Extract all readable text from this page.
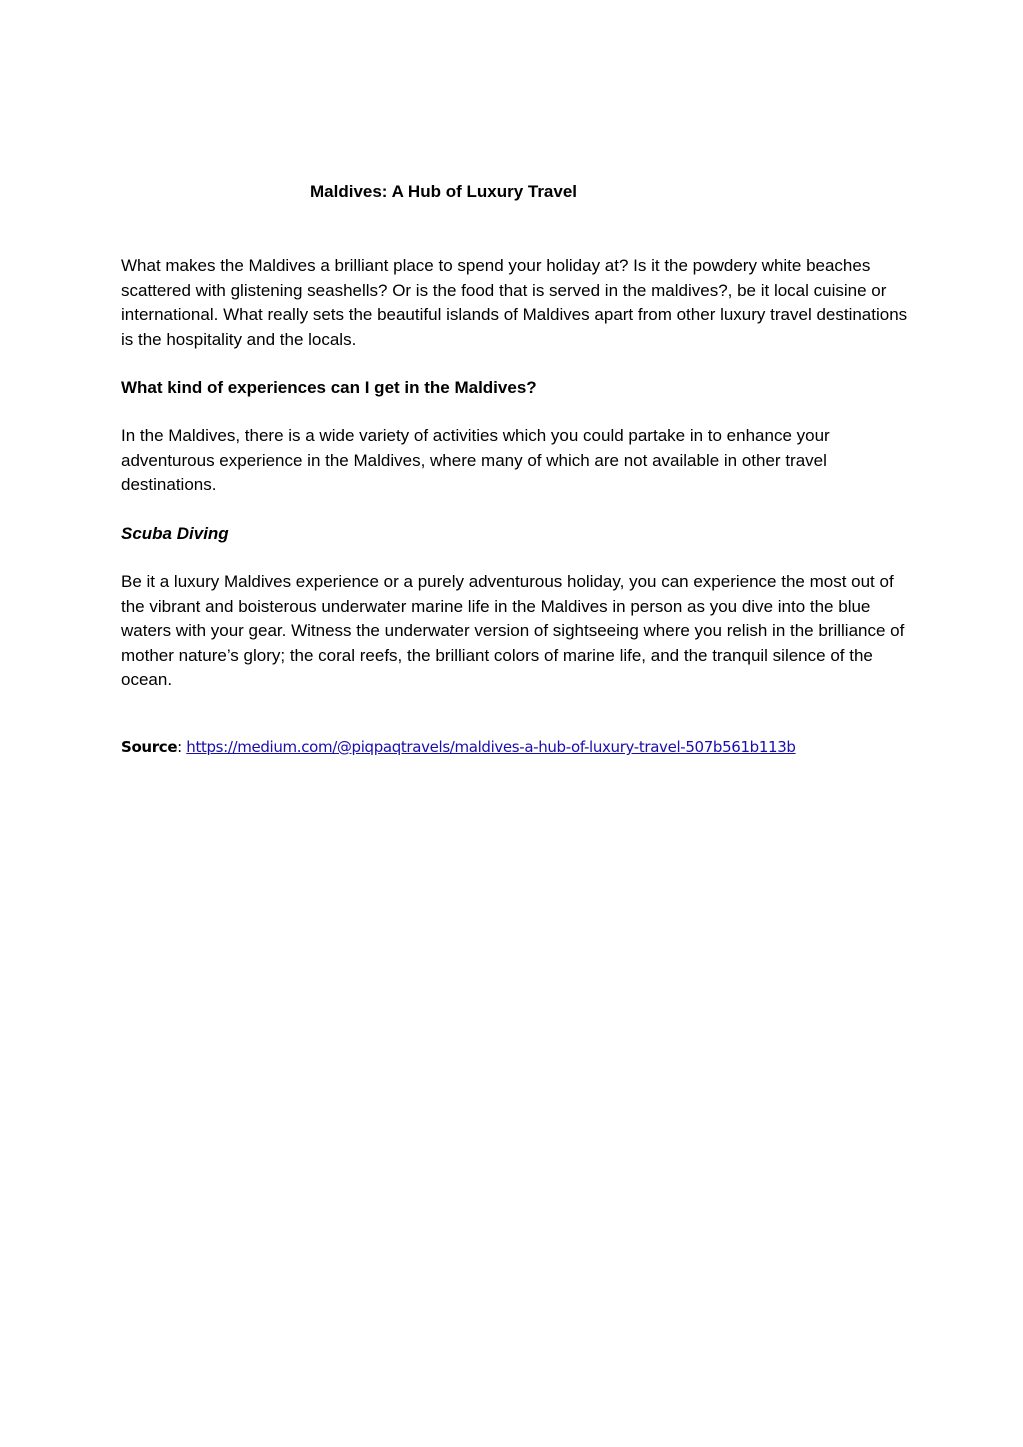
Maldives: A Hub of Luxury Travel

What makes the Maldives a brilliant place to spend your holiday at? Is it the powdery white beaches scattered with glistening seashells? Or is the food that is served in the maldives?, be it local cuisine or international. What really sets the beautiful islands of Maldives apart from other luxury travel destinations is the hospitality and the locals.

What kind of experiences can I get in the Maldives?

In the Maldives, there is a wide variety of activities which you could partake in to enhance your adventurous experience in the Maldives, where many of which are not available in other travel destinations.

Scuba Diving

Be it a luxury Maldives experience or a purely adventurous holiday, you can experience the most out of the vibrant and boisterous underwater marine life in the Maldives in person as you dive into the blue waters with your gear. Witness the underwater version of sightseeing where you relish in the brilliance of mother nature’s glory; the coral reefs, the brilliant colors of marine life, and the tranquil silence of the ocean.

Source: https://medium.com/@piqpaqtravels/maldives-a-hub-of-luxury-travel-507b561b113b
